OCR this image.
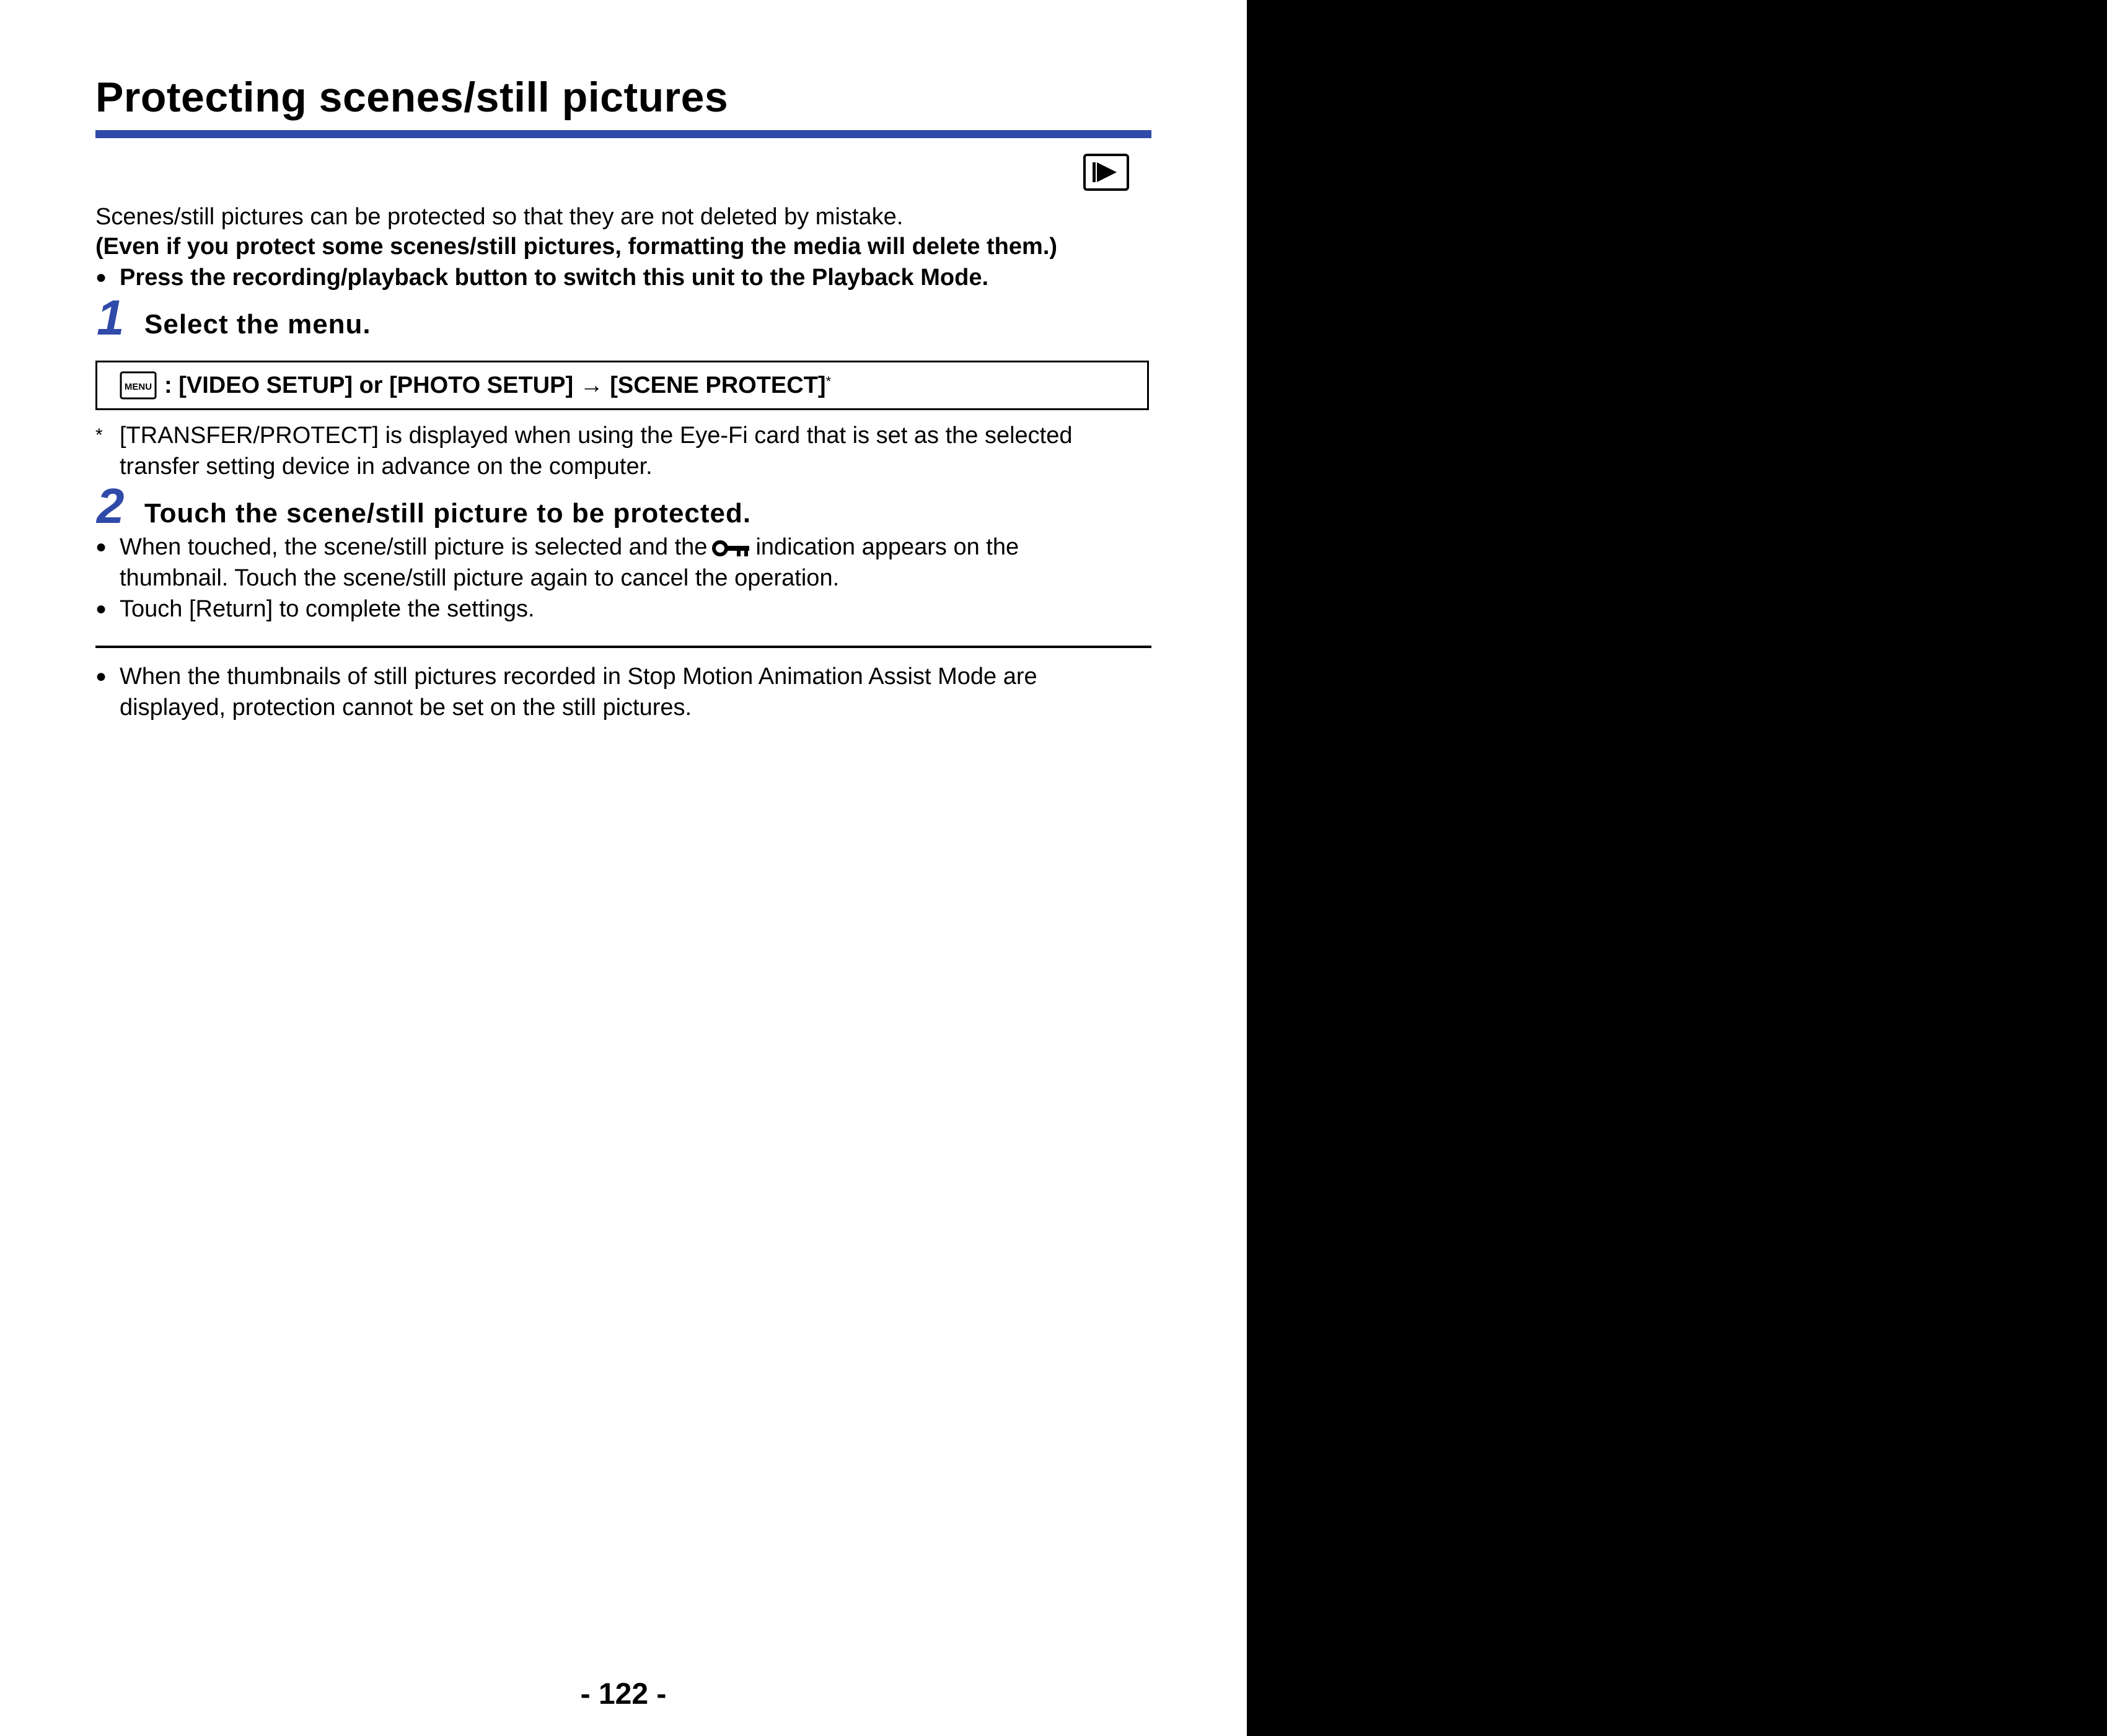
Protecting scenes/still pictures
Scenes/still pictures can be protected so that they are not deleted by mistake.
(Even if you protect some scenes/still pictures, formatting the media will delete them.)
● Press the recording/playback button to switch this unit to the Playback Mode.
1 Select the menu.
MENU : [VIDEO SETUP] or [PHOTO SETUP] → [SCENE PROTECT]*
* [TRANSFER/PROTECT] is displayed when using the Eye-Fi card that is set as the selected
transfer setting device in advance on the computer.
2 Touch the scene/still picture to be protected.
● When touched, the scene/still picture is selected and the indication appears on the
thumbnail. Touch the scene/still picture again to cancel the operation.
● Touch [Return] to complete the settings.
● When the thumbnails of still pictures recorded in Stop Motion Animation Assist Mode are
displayed, protection cannot be set on the still pictures.
- 122 -
